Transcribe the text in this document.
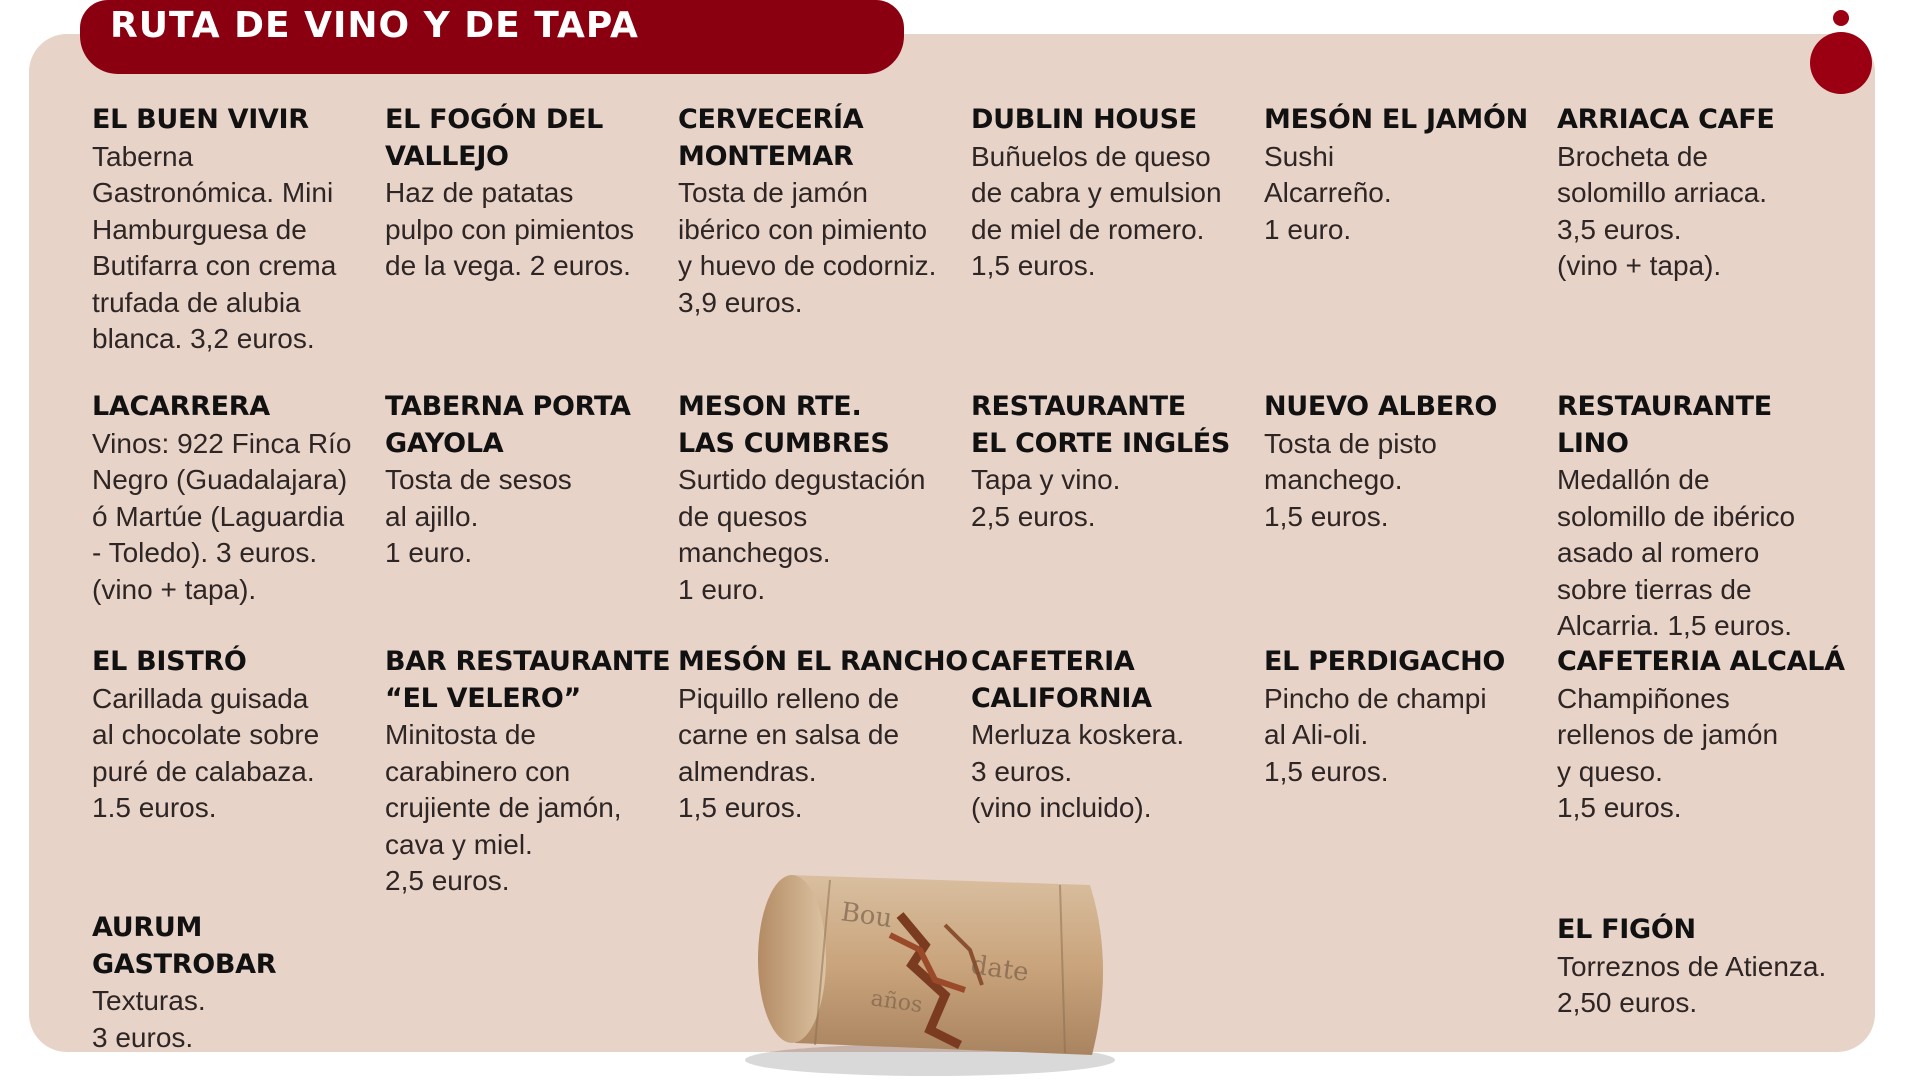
RUTA DE VINO Y DE TAPA
EL BUEN VIVIR
Taberna
Gastronómica. Mini
Hamburguesa de
Butifarra con crema
trufada de alubia
blanca. 3,2 euros.
EL FOGÓN DEL
VALLEJO
Haz de patatas
pulpo con pimientos
de la vega. 2 euros.
CERVECERÍA
MONTEMAR
Tosta de jamón
ibérico con pimiento
y huevo de codorniz.
3,9 euros.
DUBLIN HOUSE
Buñuelos de queso
de cabra y emulsion
de miel de romero.
1,5 euros.
MESÓN EL JAMÓN
Sushi
Alcarreño.
1 euro.
ARRIACA CAFE
Brocheta de
solomillo arriaca.
3,5 euros.
(vino + tapa).
LACARRERA
Vinos: 922 Finca Río
Negro (Guadalajara)
ó Martúe (Laguardia
- Toledo). 3 euros.
(vino + tapa).
TABERNA PORTA
GAYOLA
Tosta de sesos
al ajillo.
1 euro.
MESON RTE.
LAS CUMBRES
Surtido degustación
de quesos
manchegos.
1 euro.
RESTAURANTE
EL CORTE INGLÉS
Tapa y vino.
2,5 euros.
NUEVO ALBERO
Tosta de pisto
manchego.
1,5 euros.
RESTAURANTE LINO
Medallón de
solomillo de ibérico
asado al romero
sobre tierras de
Alcarria. 1,5 euros.
EL BISTRÓ
Carillada guisada
al chocolate sobre
puré de calabaza.
1.5 euros.
BAR RESTAURANTE
“EL VELERO”
Minitosta de
carabinero con
crujiente de jamón,
cava y miel.
2,5 euros.
MESÓN EL RANCHO
Piquillo relleno de
carne en salsa de
almendras.
1,5 euros.
CAFETERIA
CALIFORNIA
Merluza koskera.
3 euros.
(vino incluido).
EL PERDIGACHO
Pincho de champi
al Ali-oli.
1,5 euros.
CAFETERIA ALCALÁ
Champiñones
rellenos de jamón
y queso.
1,5 euros.
AURUM GASTROBAR
Texturas.
3 euros.
EL FIGÓN
Torreznos de Atienza.
2,50 euros.
Bou
date
años
